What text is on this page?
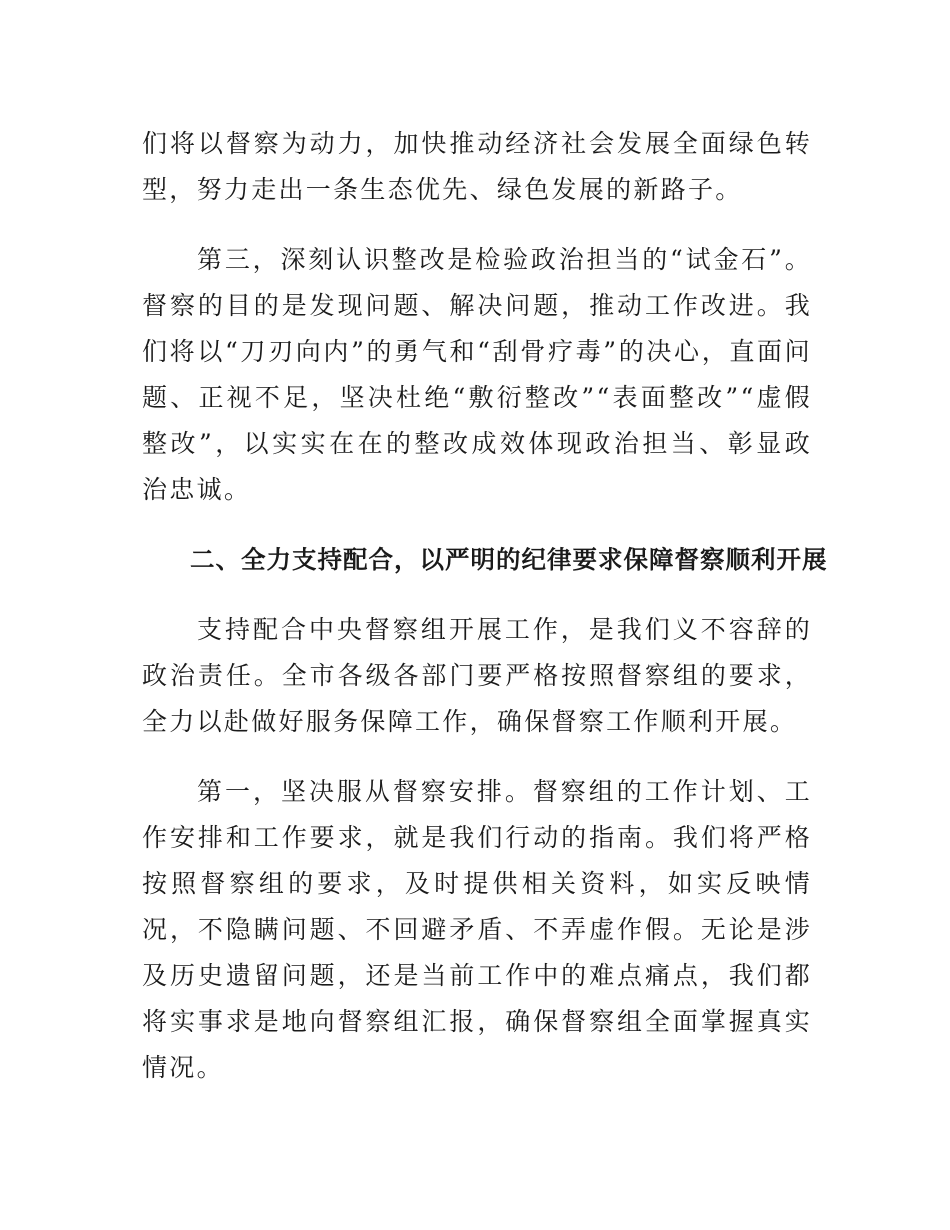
们将以督察为动力，加快推动经济社会发展全面绿色转型，努力走出一条生态优先、绿色发展的新路子。

第三，深刻认识整改是检验政治担当的“试金石”。督察的目的是发现问题、解决问题，推动工作改进。我们将以“刀刃向内”的勇气和“刮骨疗毒”的决心，直面问题、正视不足，坚决杜绝“敷衍整改”“表面整改”“虚假整改”，以实实在在的整改成效体现政治担当、彰显政治忠诚。

二、全力支持配合，以严明的纪律要求保障督察顺利开展

支持配合中央督察组开展工作，是我们义不容辞的政治责任。全市各级各部门要严格按照督察组的要求，全力以赴做好服务保障工作，确保督察工作顺利开展。

第一，坚决服从督察安排。督察组的工作计划、工作安排和工作要求，就是我们行动的指南。我们将严格按照督察组的要求，及时提供相关资料，如实反映情况，不隐瞒问题、不回避矛盾、不弄虚作假。无论是涉及历史遗留问题，还是当前工作中的难点痛点，我们都将实事求是地向督察组汇报，确保督察组全面掌握真实情况。
